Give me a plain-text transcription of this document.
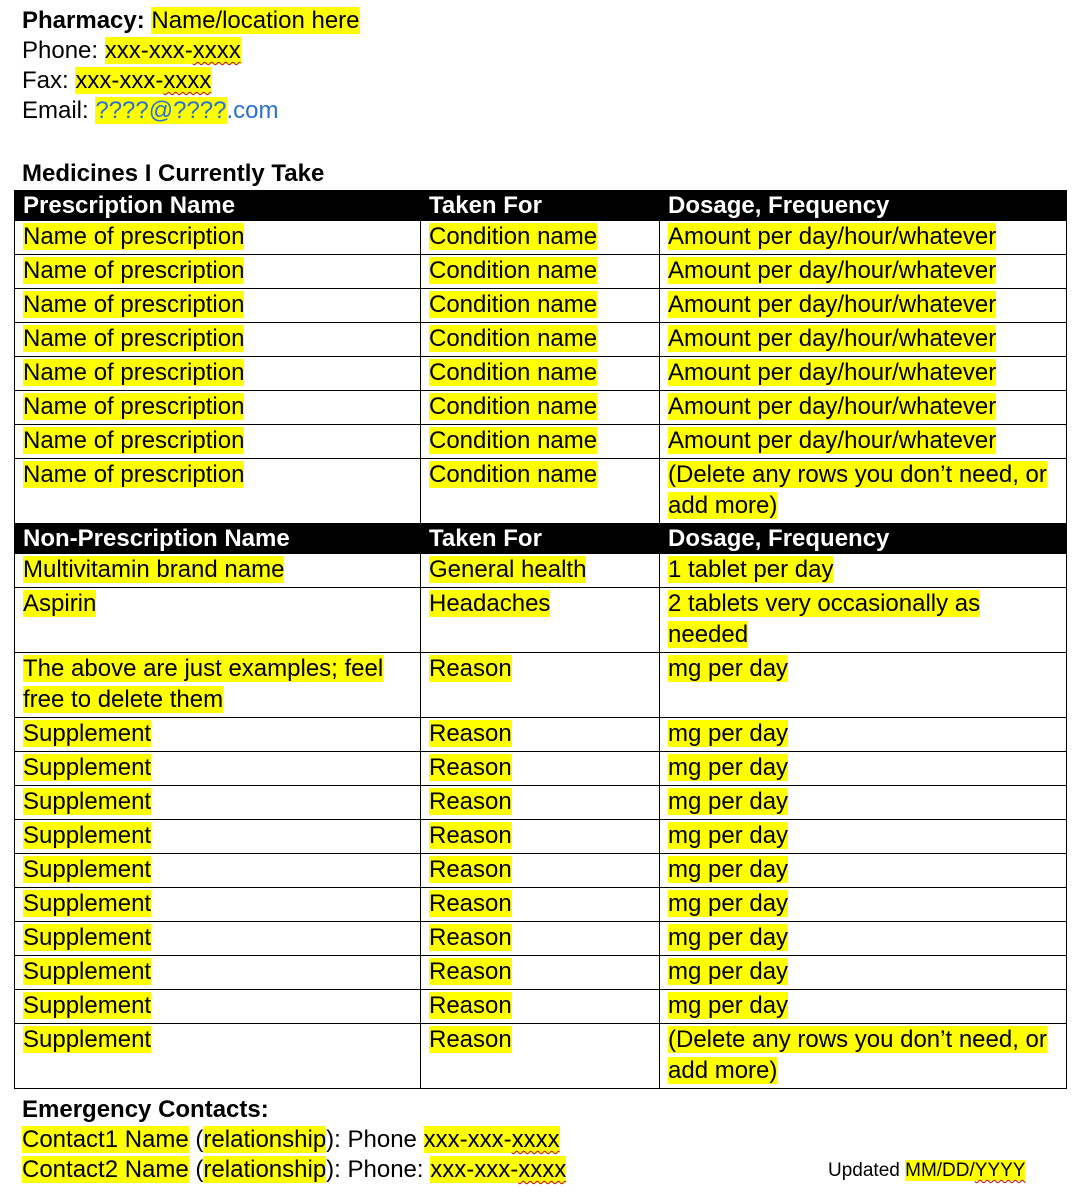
Pharmacy: Name/location here
Phone: xxx-xxx-xxxx
Fax: xxx-xxx-xxxx
Email: ????@????.com
Medicines I Currently Take
Prescription Name	Taken For	Dosage, Frequency
Name of prescription	Condition name	Amount per day/hour/whatever
Name of prescription	Condition name	Amount per day/hour/whatever
Name of prescription	Condition name	Amount per day/hour/whatever
Name of prescription	Condition name	Amount per day/hour/whatever
Name of prescription	Condition name	Amount per day/hour/whatever
Name of prescription	Condition name	Amount per day/hour/whatever
Name of prescription	Condition name	Amount per day/hour/whatever
Name of prescription	Condition name	(Delete any rows you don’t need, or add more)
Non-Prescription Name	Taken For	Dosage, Frequency
Multivitamin brand name	General health	1 tablet per day
Aspirin	Headaches	2 tablets very occasionally as needed
The above are just examples; feel free to delete them	Reason	mg per day
Supplement	Reason	mg per day
Supplement	Reason	mg per day
Supplement	Reason	mg per day
Supplement	Reason	mg per day
Supplement	Reason	mg per day
Supplement	Reason	mg per day
Supplement	Reason	mg per day
Supplement	Reason	mg per day
Supplement	Reason	mg per day
Supplement	Reason	(Delete any rows you don’t need, or add more)
Emergency Contacts:
Contact1 Name (relationship): Phone xxx-xxx-xxxx
Contact2 Name (relationship): Phone: xxx-xxx-xxxx	Updated MM/DD/YYYY
